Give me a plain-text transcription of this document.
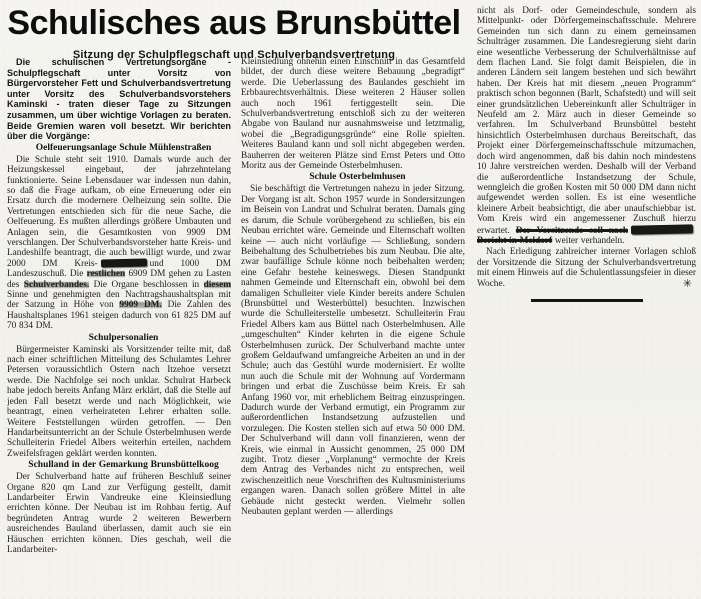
Schulisches aus Brunsbüttel
Sitzung der Schulpflegschaft und Schulverbandsvertretung

Die schulischen Vertretungsorgane - Schulpflegschaft unter Vorsitz von Bürgervorsteher Fett und Schulverbandsvertretung unter Vorsitz des Schulverbandsvorstehers Kaminski - traten dieser Tage zu Sitzungen zusammen, um über wichtige Vorlagen zu beraten. Beide Gremien waren voll besetzt. Wir berichten über die Vorgänge:

Oelfeuerungsanlage Schule Mühlenstraßen

Die Schule steht seit 1910. Damals wurde auch der Heizungskessel eingebaut, der jahrzehntelang funktionierte. Seine Lebensdauer war indessen nun dahin, so daß die Frage aufkam, ob eine Erneuerung oder ein Ersatz durch die modernere Oelheizung sein sollte. Die Vertretungen entschieden sich für die neue Sache, die Oelfeuerung. Es mußten allerdings größere Umbauten und Anlagen sein, die Gesamtkosten von 9909 DM verschlangen. Der Schulverbandsvorsteher hatte Kreis- und Landeshilfe beantragt, die auch bewilligt wurde, und zwar 2000 DM Kreis-	und 1000 DM Landeszuschuß. Die restlichen 6909 DM gehen zu Lasten des Schulverbandes. Die Organe beschlossen in diesem Sinne und genehmigten den Nachtragshaushaltsplan mit der Satzung in Höhe von 9909 DM. Die Zahlen des Haushaltsplanes 1961 steigen dadurch von 61 825 DM auf 70 834 DM.

Schulpersonalien

Bürgermeister Kaminski als Vorsitzender teilte mit, daß nach einer schriftlichen Mitteilung des Schulamtes Lehrer Petersen voraussichtlich Ostern nach Itzehoe versetzt werde. Die Nachfolge sei noch unklar. Schulrat Harbeck habe jedoch bereits Anfang März erklärt, daß die Stelle auf jeden Fall besetzt werde und nach Möglichkeit, wie beantragt, einen verheirateten Lehrer erhalten solle. Weitere Feststellungen würden getroffen. — Den Handarbeitsunterricht an der Schule Osterbelmhusen werde Schulleiterin Friedel Albers weiterhin erteilen, nachdem Zweifelsfragen geklärt werden konnten.

Schulland in der Gemarkung Brunsbüttelkoog

Der Schulverband hatte auf früheren Beschluß seiner Organe 820 qm Land zur Verfügung gestellt, damit Landarbeiter Erwin Vandreuke eine Kleinsiedlung errichten könne. Der Neubau ist im Rohbau fertig. Auf begründeten Antrag wurde 2 weiteren Bewerbern ausreichendes Bauland überlassen, damit auch sie ein Häuschen errichten können. Dies geschah, weil die Landarbeiter-

Kleinsiedlung ohnehin einen Einschnitt in das Gesamtfeld bildet, der durch diese weitere Bebauung „begradigt“ werde. Die Ueberlassung des Baulandes geschieht im Erbbaurechtsverhältnis. Diese weiteren 2 Häuser sollen auch noch 1961 fertiggestellt sein. Die Schulverbandsvertretung entschloß sich zu der weiteren Abgabe von Bauland nur ausnahmsweise und letztmalig, wobei die „Begradigungsgründe“ eine Rolle spielten. Weiteres Bauland kann und soll nicht abgegeben werden. Bauherren der weiteren Plätze sind Ernst Peters und Otto Moritz aus der Gemeinde Osterbelmhusen.

Schule Osterbelmhusen

Sie beschäftigt die Vertretungen nahezu in jeder Sitzung. Der Vorgang ist alt. Schon 1957 wurde in Sondersitzungen im Beisein von Landrat und Schulrat beraten. Damals ging es darum, die Schule vorübergehend zu schließen, bis ein Neubau errichtet wäre. Gemeinde und Elternschaft wollten keine — auch nicht vorläufige — Schließung, sondern Beibehaltung des Schulbetriebes bis zum Neubau. Die alte, zwar baufällige Schule könne noch beibehalten werden; eine Gefahr bestehe keineswegs. Diesen Standpunkt nahmen Gemeinde und Elternschaft ein, obwohl bei dem damaligen Schulleiter viele Kinder bereits andere Schulen (Brunsbüttel und Westerbüttel) besuchten. Inzwischen wurde die Schulleiterstelle umbesetzt. Schulleiterin Frau Friedel Albers kam aus Büttel nach Osterbelmhusen. Alle „umgeschulten“ Kinder kehrten in die eigene Schule Osterbelmhusen zurück. Der Schulverband machte unter großem Geldaufwand umfangreiche Arbeiten an und in der Schule; auch das Gestühl wurde modernisiert. Er wollte nun auch die Schule mit der Wohnung auf Vordermann bringen und erbat die Zuschüsse beim Kreis. Er sah Anfang 1960 vor, mit erheblichem Beitrag einzuspringen. Dadurch wurde der Verband ermutigt, ein Programm zur außerordentlichen Instandsetzung aufzustellen und vorzulegen. Die Kosten stellen sich auf etwa 50 000 DM. Der Schulverband will dann voll finanzieren, wenn der Kreis, wie einmal in Aussicht genommen, 25 000 DM zugibt. Trotz dieser „Vorplanung“ vermochte der Kreis dem Antrag des Verbandes nicht zu entsprechen, weil zwischenzeitlich neue Vorschriften des Kultusministeriums ergangen waren. Danach sollen größere Mittel in alte Gebäude nicht gesteckt werden. Vielmehr sollen Neubauten geplant werden — allerdings

nicht als Dorf- oder Gemeindeschule, sondern als Mittelpunkt- oder Dörfergemeinschaftsschule. Mehrere Gemeinden tun sich dann zu einem gemeinsamen Schulträger zusammen. Die Landesregierung sieht darin eine wesentliche Verbesserung der Schulverhältnisse auf dem flachen Land. Sie folgt damit Beispielen, die in anderen Ländern seit langem bestehen und sich bewährt haben. Der Kreis hat mit diesem „neuen Programm“ praktisch schon begonnen (Barlt, Schafstedt) und will seit einer grundsätzlichen Uebereinkunft aller Schulträger in Neufeld am 2. März auch in dieser Gemeinde so verfahren. Im Schulverband Brunsbüttel besteht hinsichtlich Osterbelmhusen durchaus Bereitschaft, das Projekt einer Dörfergemeinschaftsschule mitzumachen, doch wird angenommen, daß bis dahin noch mindestens 10 Jahre verstreichen werden. Deshalb will der Verband die außerordentliche Instandsetzung der Schule, wenngleich die großen Kosten mit 50 000 DM dann nicht aufgewendet werden sollen. Es ist eine wesentliche kleinere Arbeit beabsichtigt, die aber unaufschiebbar ist. Vom Kreis wird ein angemessener Zuschuß hierzu erwartet. Der Vorsitzende soll nachBericht in Meldorf weiter verhandeln.

Nach Erledigung zahlreicher interner Vorlagen schloß der Vorsitzende die Sitzung der Schulverbandsvertretung mit einem Hinweis auf die Schulentlassungsfeier in dieser Woche.	✳
